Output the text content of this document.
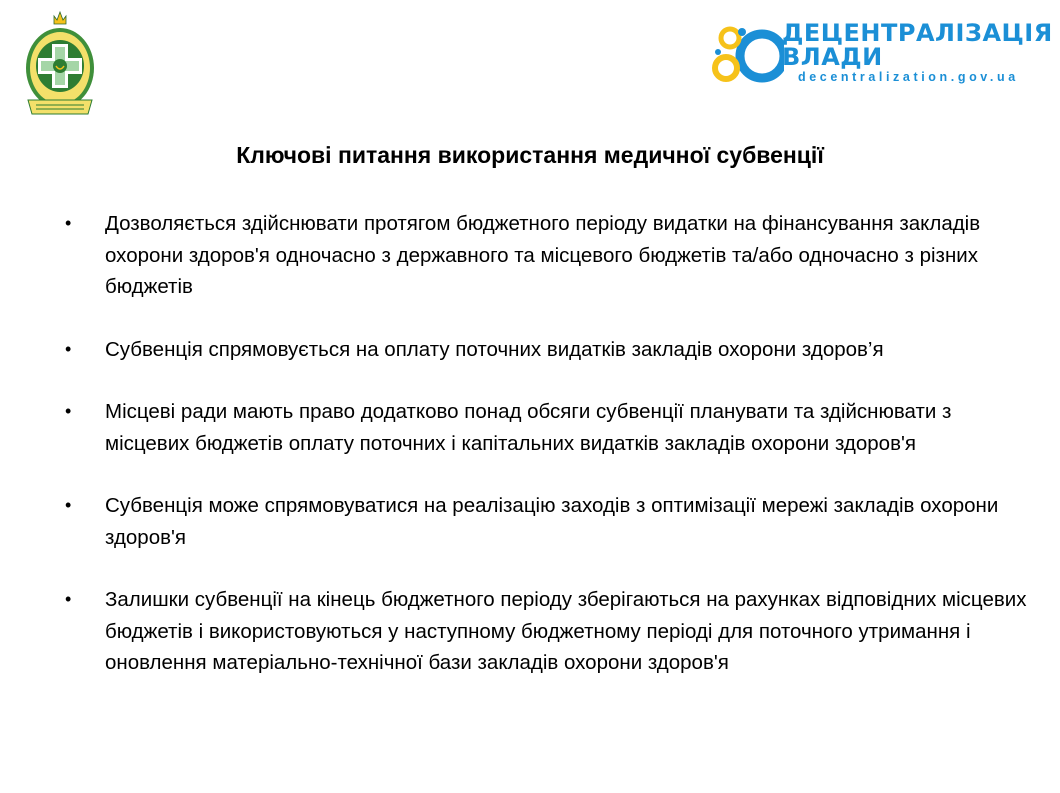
ДЕЦЕНТРАЛІЗАЦІЯ
ВЛАДИ
decentralization.gov.ua
Ключові питання використання медичної субвенції
• Дозволяється здійснювати протягом бюджетного періоду видатки на фінансування закладів охорони здоров'я одночасно з державного та місцевого бюджетів та/або одночасно з різних бюджетів
• Субвенція спрямовується на оплату поточних видатків закладів охорони здоров’я
• Місцеві ради мають право додатково понад обсяги субвенції планувати та здійснювати з місцевих бюджетів оплату поточних і капітальних видатків закладів охорони здоров'я
• Субвенція може спрямовуватися на реалізацію заходів з оптимізації мережі закладів охорони здоров'я
• Залишки субвенції на кінець бюджетного періоду зберігаються на рахунках відповідних місцевих бюджетів і використовуються у наступному бюджетному періоді для поточного утримання і оновлення матеріально-технічної бази закладів охорони здоров'я
